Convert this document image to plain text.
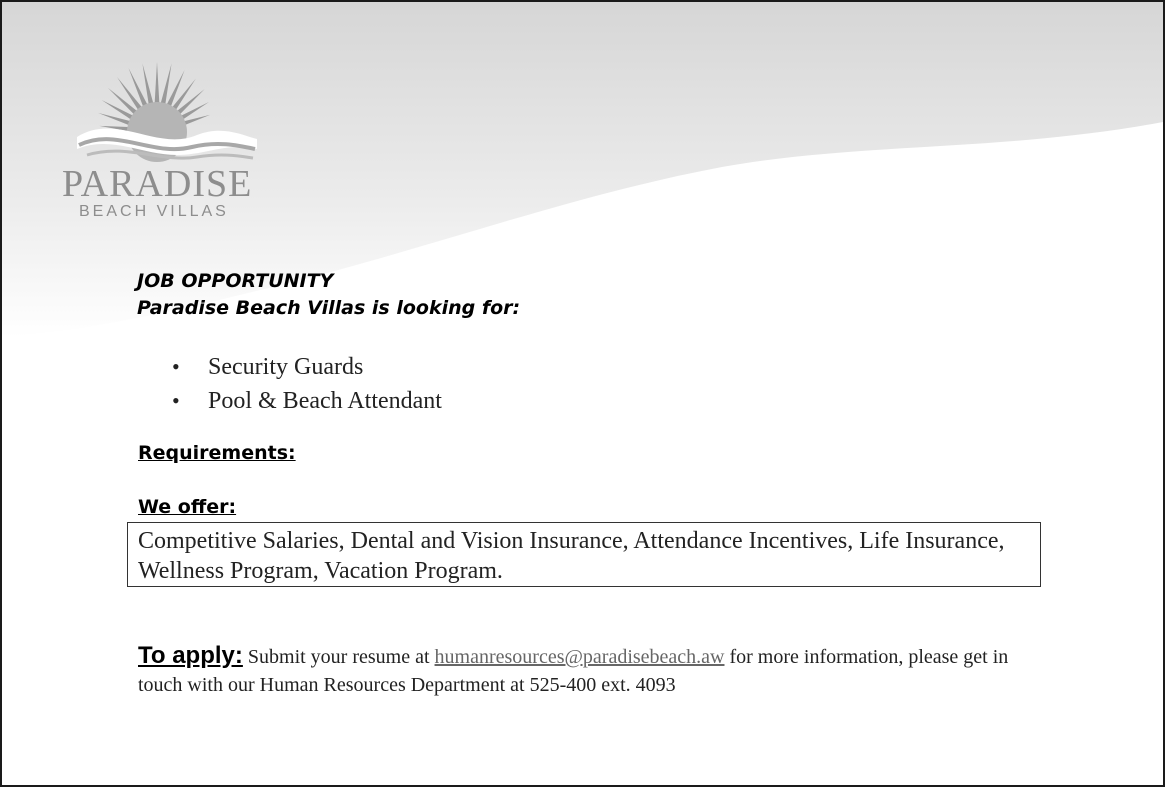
PARADISE
BEACH VILLAS
JOB OPPORTUNITY
Paradise Beach Villas is looking for:
• Security Guards
• Pool & Beach Attendant
Requirements:
We offer:
Competitive Salaries, Dental and Vision Insurance, Attendance Incentives, Life Insurance, Wellness Program, Vacation Program.
To apply: Submit your resume at humanresources@paradisebeach.aw for more information, please get in touch with our Human Resources Department at 525-400 ext. 4093
